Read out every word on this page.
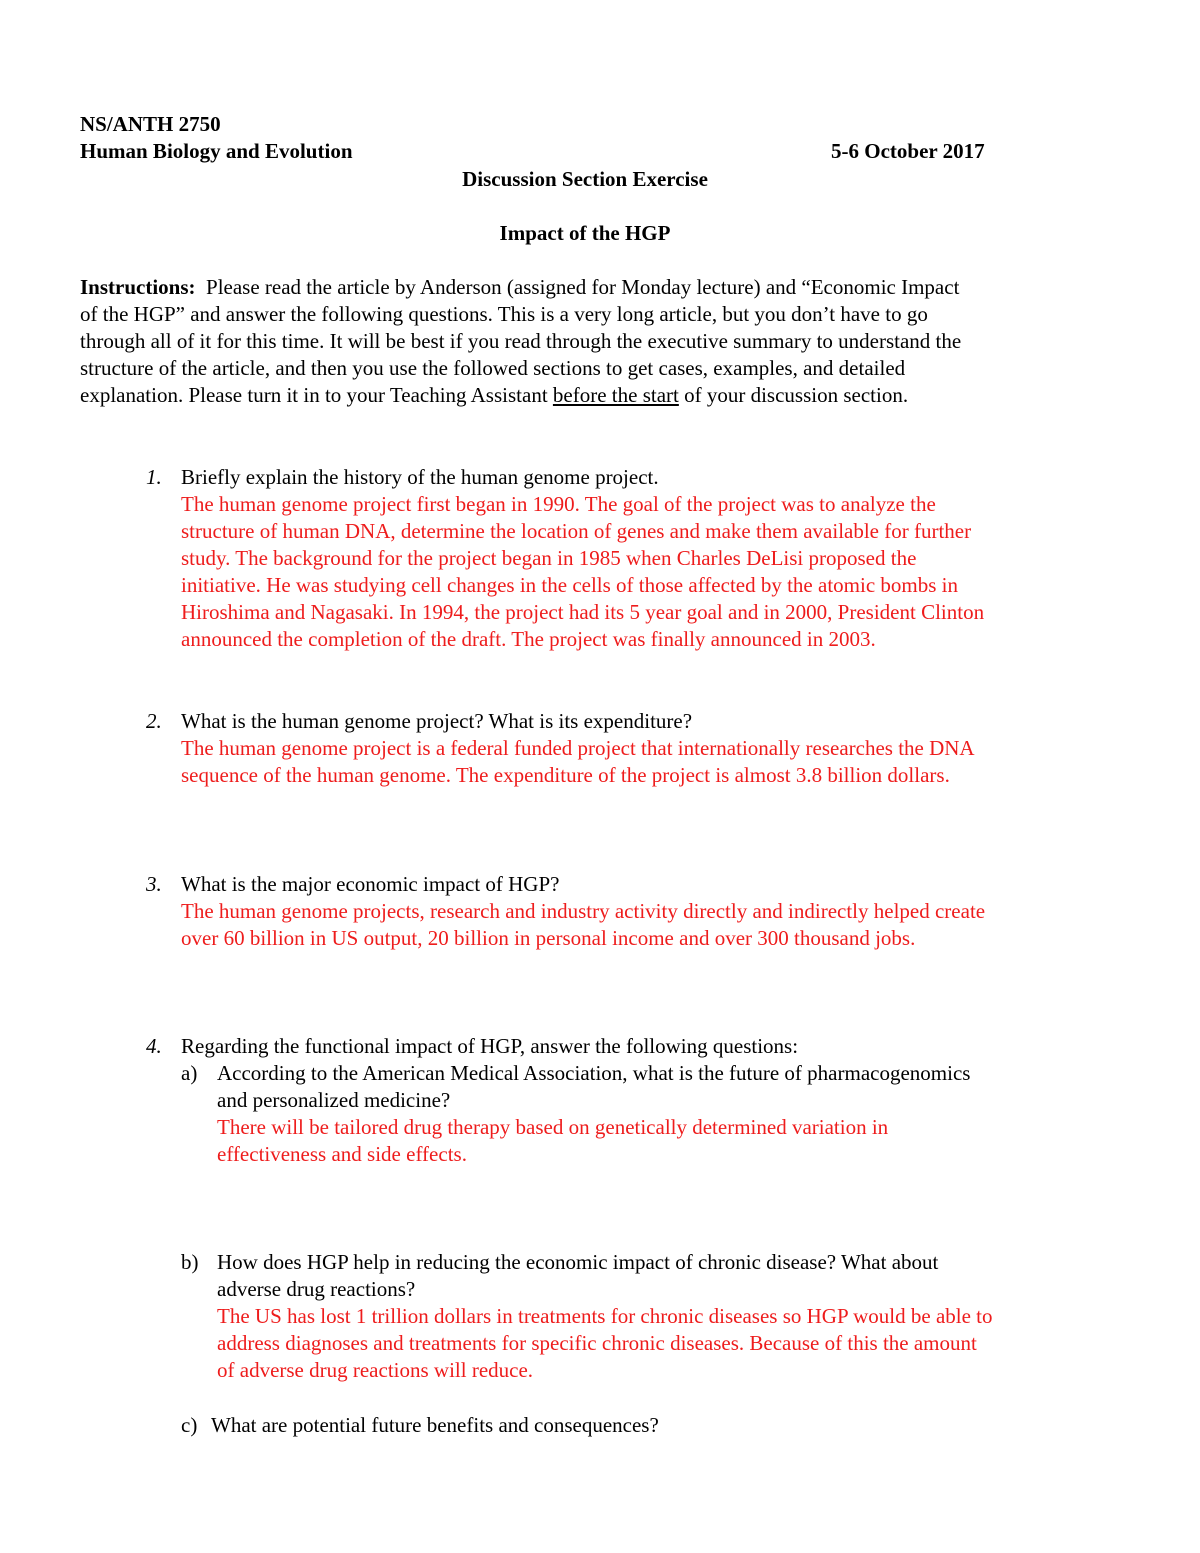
NS/ANTH 2750
Human Biology and Evolution	5-6 October 2017
Discussion Section Exercise
Impact of the HGP
Instructions: Please read the article by Anderson (assigned for Monday lecture) and “Economic Impact
of the HGP” and answer the following questions. This is a very long article, but you don’t have to go
through all of it for this time. It will be best if you read through the executive summary to understand the
structure of the article, and then you use the followed sections to get cases, examples, and detailed
explanation. Please turn it in to your Teaching Assistant before the start of your discussion section.
1. Briefly explain the history of the human genome project.
The human genome project first began in 1990. The goal of the project was to analyze the
structure of human DNA, determine the location of genes and make them available for further
study. The background for the project began in 1985 when Charles DeLisi proposed the
initiative. He was studying cell changes in the cells of those affected by the atomic bombs in
Hiroshima and Nagasaki. In 1994, the project had its 5 year goal and in 2000, President Clinton
announced the completion of the draft. The project was finally announced in 2003.
2. What is the human genome project? What is its expenditure?
The human genome project is a federal funded project that internationally researches the DNA
sequence of the human genome. The expenditure of the project is almost 3.8 billion dollars.
3. What is the major economic impact of HGP?
The human genome projects, research and industry activity directly and indirectly helped create
over 60 billion in US output, 20 billion in personal income and over 300 thousand jobs.
4. Regarding the functional impact of HGP, answer the following questions:
a) According to the American Medical Association, what is the future of pharmacogenomics
and personalized medicine?
There will be tailored drug therapy based on genetically determined variation in
effectiveness and side effects.
b) How does HGP help in reducing the economic impact of chronic disease? What about
adverse drug reactions?
The US has lost 1 trillion dollars in treatments for chronic diseases so HGP would be able to
address diagnoses and treatments for specific chronic diseases. Because of this the amount
of adverse drug reactions will reduce.
c) What are potential future benefits and consequences?
